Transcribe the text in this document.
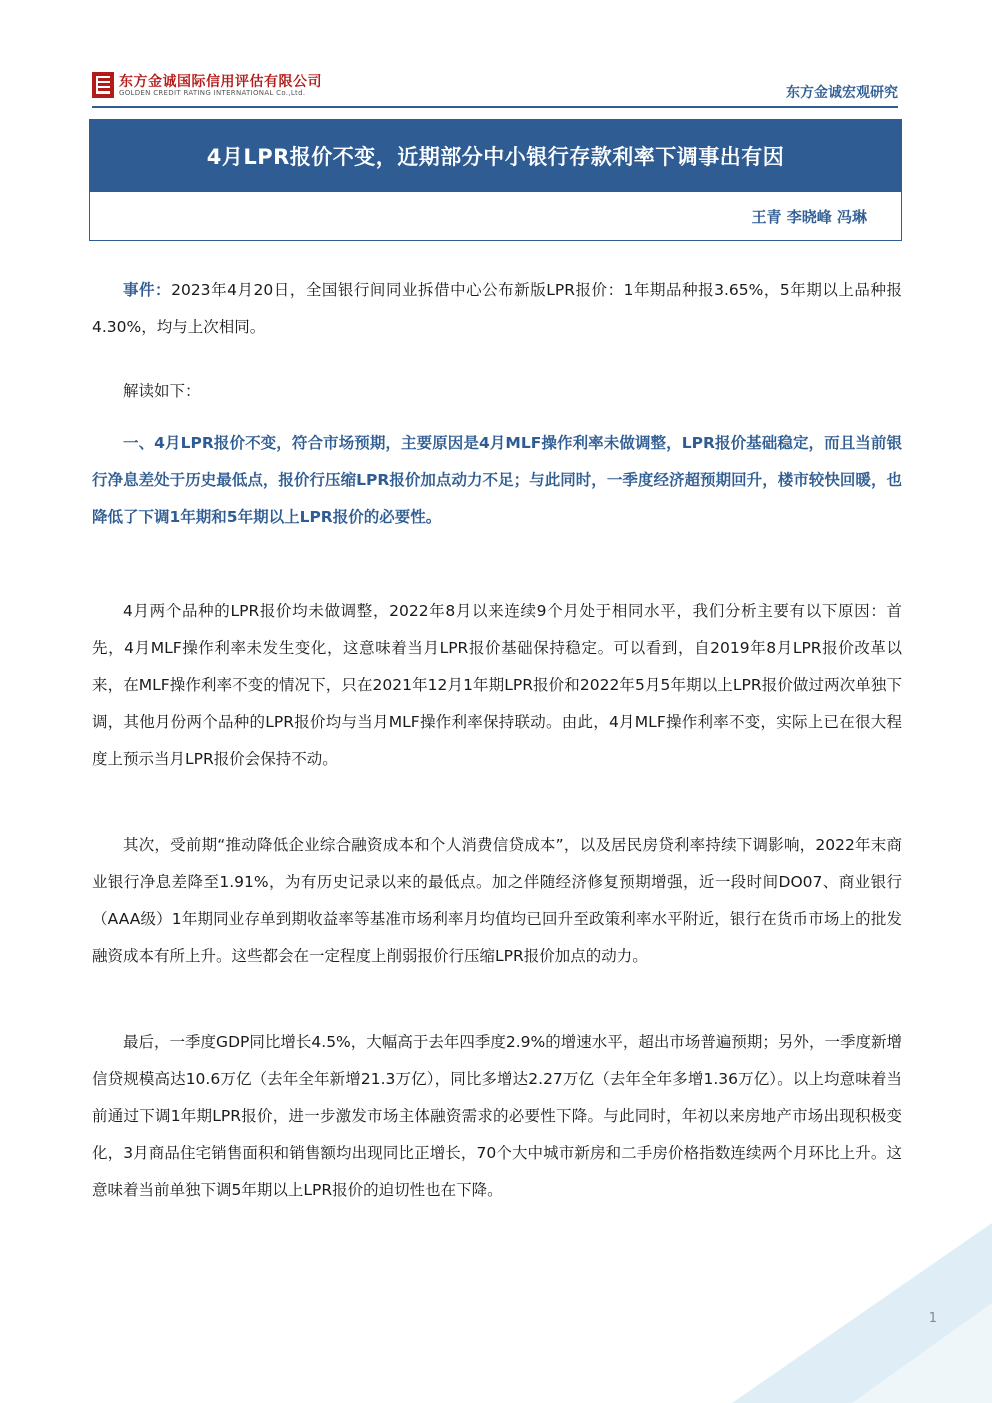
东方金诚国际信用评估有限公司
GOLDEN CREDIT RATING INTERNATIONAL Co.,Ltd.	东方金诚宏观研究
4月LPR报价不变，近期部分中小银行存款利率下调事出有因
王青 李晓峰 冯琳

事件：2023年4月20日，全国银行间同业拆借中心公布新版LPR报价：1年期品种报3.65%，5年期以上品种报4.30%，均与上次相同。

解读如下：

一、4月LPR报价不变，符合市场预期，主要原因是4月MLF操作利率未做调整，LPR报价基础稳定，而且当前银行净息差处于历史最低点，报价行压缩LPR报价加点动力不足；与此同时，一季度经济超预期回升，楼市较快回暖，也降低了下调1年期和5年期以上LPR报价的必要性。

4月两个品种的LPR报价均未做调整，2022年8月以来连续9个月处于相同水平，我们分析主要有以下原因：首先，4月MLF操作利率未发生变化，这意味着当月LPR报价基础保持稳定。可以看到，自2019年8月LPR报价改革以来，在MLF操作利率不变的情况下，只在2021年12月1年期LPR报价和2022年5月5年期以上LPR报价做过两次单独下调，其他月份两个品种的LPR报价均与当月MLF操作利率保持联动。由此，4月MLF操作利率不变，实际上已在很大程度上预示当月LPR报价会保持不动。

其次，受前期“推动降低企业综合融资成本和个人消费信贷成本”，以及居民房贷利率持续下调影响，2022年末商业银行净息差降至1.91%，为有历史记录以来的最低点。加之伴随经济修复预期增强，近一段时间DO07、商业银行（AAA级）1年期同业存单到期收益率等基准市场利率月均值均已回升至政策利率水平附近，银行在货币市场上的批发融资成本有所上升。这些都会在一定程度上削弱报价行压缩LPR报价加点的动力。

最后，一季度GDP同比增长4.5%，大幅高于去年四季度2.9%的增速水平，超出市场普遍预期；另外，一季度新增信贷规模高达10.6万亿（去年全年新增21.3万亿），同比多增达2.27万亿（去年全年多增1.36万亿）。以上均意味着当前通过下调1年期LPR报价，进一步激发市场主体融资需求的必要性下降。与此同时，年初以来房地产市场出现积极变化，3月商品住宅销售面积和销售额均出现同比正增长，70个大中城市新房和二手房价格指数连续两个月环比上升。这意味着当前单独下调5年期以上LPR报价的迫切性也在下降。

1
